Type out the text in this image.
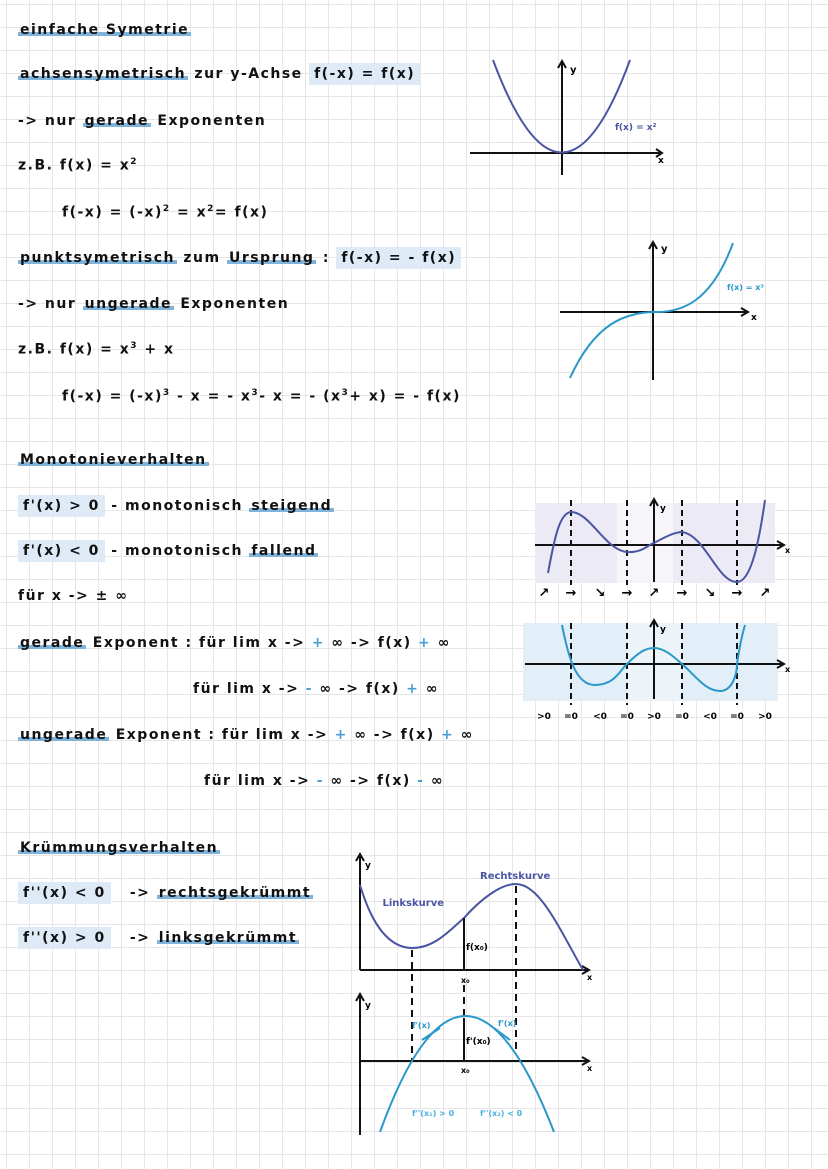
einfache Symetrie
achsensymetrisch zur y-Achse f(-x) = f(x)
-> nur gerade Exponenten
z.B. $f(x) = x^2$
$f(-x) = (-x)^2 = x^2= f(x)$
punktsymetrisch zum Ursprung : f(-x) = - f(x)
-> nur ungerade Exponenten
z.B. $f(x) = x^3 + x$
$f(-x) = (-x)^3 - x$ = - $x^3-$ x = - $(x^3+ x)$ = - f(x)
y
x
f(x) = x²
y
x
f(x) = x³
Monotonieverhalten
f'(x) > 0 - monotonisch steigend
f'(x) < 0 - monotonisch fallend
für x -> ± ∞
gerade Exponent : für lim x -> + ∞ -> f(x) + ∞
für lim x -> - ∞ -> f(x) + ∞
ungerade Exponent : für lim x -> + ∞ -> f(x) + ∞
für lim x -> - ∞ -> f(x) - ∞
y
x
↗ → ↘ → ↗ → ↘ → ↗
y
x
>0 =0 <0 =0 >0 =0 <0 =0 >0
Krümmungsverhalten
f''(x) < 0 -> rechtsgekrümmt
f''(x) > 0 -> linksgekrümmt
y
x
Linkskurve
Rechtskurve
f(x₀)
x₀
y
x
f'(x)	f'(x)
f'(x₀)
x₀
f''(x₁) > 0	f''(x₂) < 0
